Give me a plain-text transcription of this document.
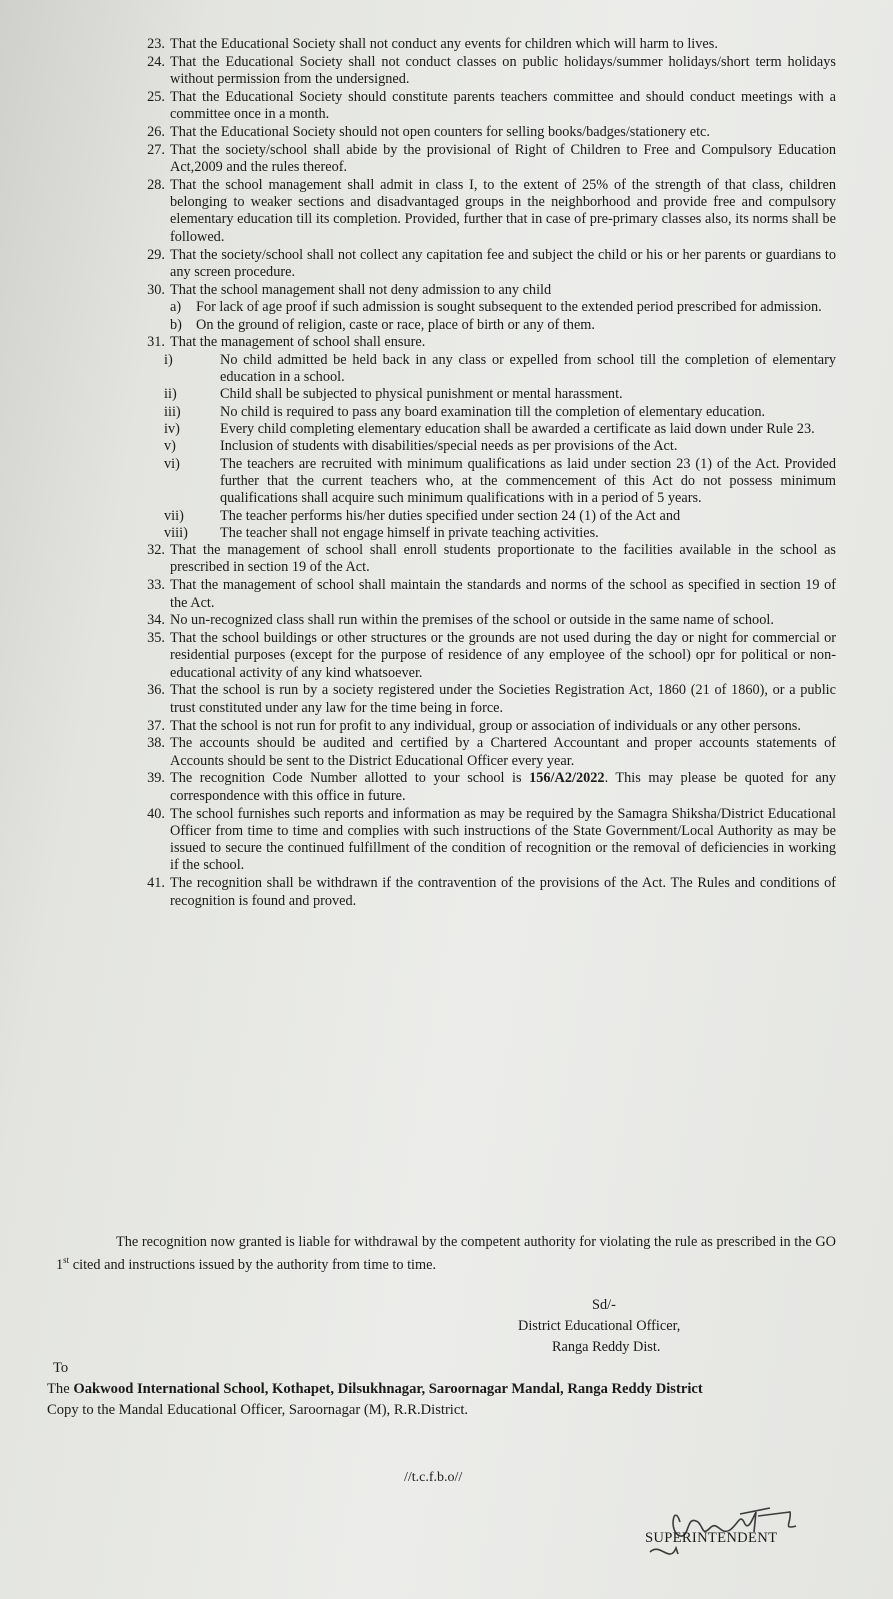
23. That the Educational Society shall not conduct any events for children which will harm to lives.
24. That the Educational Society shall not conduct classes on public holidays/summer holidays/short term holidays without permission from the undersigned.
25. That the Educational Society should constitute parents teachers committee and should conduct meetings with a committee once in a month.
26. That the Educational Society should not open counters for selling books/badges/stationery etc.
27. That the society/school shall abide by the provisional of Right of Children to Free and Compulsory Education Act,2009 and the rules thereof.
28. That the school management shall admit in class I, to the extent of 25% of the strength of that class, children belonging to weaker sections and disadvantaged groups in the neighborhood and provide free and compulsory elementary education till its completion. Provided, further that in case of pre-primary classes also, its norms shall be followed.
29. That the society/school shall not collect any capitation fee and subject the child or his or her parents or guardians to any screen procedure.
30. That the school management shall not deny admission to any child
a)	For lack of age proof if such admission is sought subsequent to the extended period prescribed for admission.
b) On the ground of religion, caste or race, place of birth or any of them.
31. That the management of school shall ensure.
i)	No child admitted be held back in any class or expelled from school till the completion of elementary education in a school.
ii)	Child shall be subjected to physical punishment or mental harassment.
iii)	No child is required to pass any board examination till the completion of elementary education.
iv)	Every child completing elementary education shall be awarded a certificate as laid down under Rule 23.
v)	Inclusion of students with disabilities/special needs as per provisions of the Act.
vi)	The teachers are recruited with minimum qualifications as laid under section 23 (1) of the Act. Provided further that the current teachers who, at the commencement of this Act do not possess minimum qualifications shall acquire such minimum qualifications with in a period of 5 years.
vii)	The teacher performs his/her duties specified under section 24 (1) of the Act and
viii)	The teacher shall not engage himself in private teaching activities.
32. That the management of school shall enroll students proportionate to the facilities available in the school as prescribed in section 19 of the Act.
33. That the management of school shall maintain the standards and norms of the school as specified in section 19 of the Act.
34. No un-recognized class shall run within the premises of the school or outside in the same name of school.
35. That the school buildings or other structures or the grounds are not used during the day or night for commercial or residential purposes (except for the purpose of residence of any employee of the school) opr for political or non-educational activity of any kind whatsoever.
36. That the school is run by a society registered under the Societies Registration Act, 1860 (21 of 1860), or a public trust constituted under any law for the time being in force.
37. That the school is not run for profit to any individual, group or association of individuals or any other persons.
38. The accounts should be audited and certified by a Chartered Accountant and proper accounts statements of Accounts should be sent to the District Educational Officer every year.
39. The recognition Code Number allotted to your school is 156/A2/2022. This may please be quoted for any correspondence with this office in future.
40. The school furnishes such reports and information as may be required by the Samagra Shiksha/District Educational Officer from time to time and complies with such instructions of the State Government/Local Authority as may be issued to secure the continued fulfillment of the condition of recognition or the removal of deficiencies in working if the school.
41. The recognition shall be withdrawn if the contravention of the provisions of the Act. The Rules and conditions of recognition is found and proved.
The recognition now granted is liable for withdrawal by the competent authority for violating the rule as prescribed in the GO 1st cited and instructions issued by the authority from time to time.
Sd/-
District Educational Officer,
Ranga Reddy Dist.
To
The Oakwood International School, Kothapet, Dilsukhnagar, Saroornagar Mandal, Ranga Reddy District
Copy to the Mandal Educational Officer, Saroornagar (M), R.R.District.
//t.c.f.b.o//
SUPERINTENDENT
